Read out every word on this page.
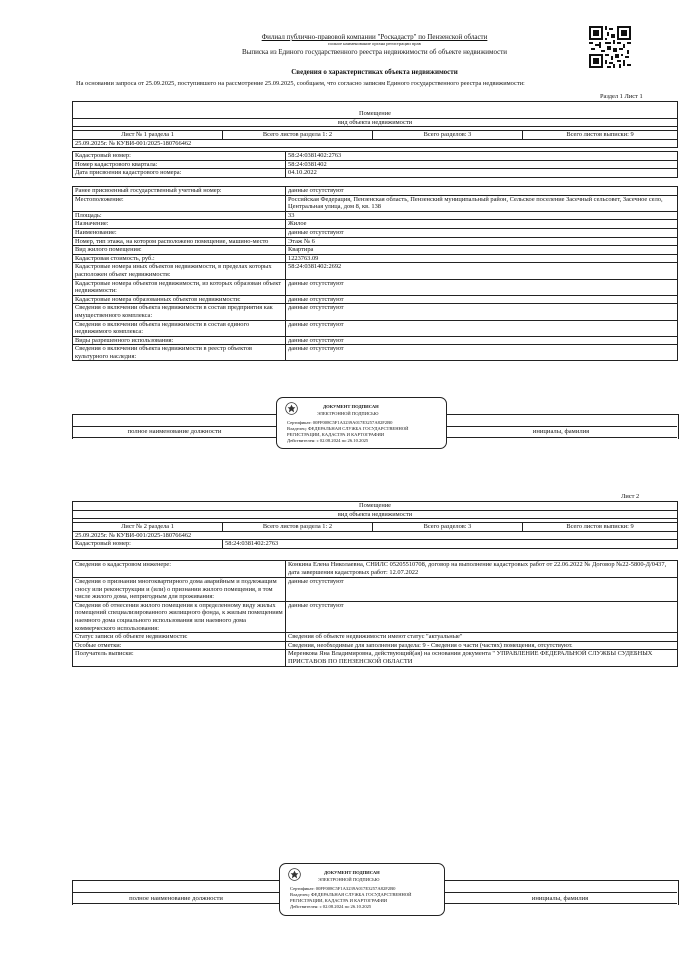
Филиал публично-правовой компании "Роскадастр" по Пензенской области
полное наименование органа регистрации прав
Выписка из Единого государственного реестра недвижимости об объекте недвижимости
Сведения о характеристиках объекта недвижимости
На основании запроса от 25.09.2025, поступившего на рассмотрение 25.09.2025, сообщаем, что согласно записям Единого государственного реестра недвижимости:
Раздел 1 Лист 1

Помещение
вид объекта недвижимости

Лист № 1 раздела 1	Всего листов раздела 1: 2	Всего разделов: 3	Всего листов выписки: 9
25.09.2025г. № КУВИ-001/2025-180766462
Кадастровый номер:	58:24:0381402:2763
Номер кадастрового квартала:	58:24:0381402
Дата присвоения кадастрового номера:	04.10.2022
Ранее присвоенный государственный учетный номер:	данные отсутствуют
Местоположение:	Российская Федерация, Пензенская область, Пензенский муниципальный район, Сельское поселение Засечный сельсовет, Засечное село, Центральная улица, дом 8, кв. 138
Площадь:	33
Назначение:	Жилое
Наименование:	данные отсутствуют
Номер, тип этажа, на котором расположено помещение, машино-место	Этаж № 6
Вид жилого помещения:	Квартира
Кадастровая стоимость, руб.:	1223763.09
Кадастровые номера иных объектов недвижимости, в пределах которых расположен объект недвижимости:	58:24:0381402:2692
Кадастровые номера объектов недвижимости, из которых образован объект недвижимости:	данные отсутствуют
Кадастровые номера образованных объектов недвижимости:	данные отсутствуют
Сведения о включении объекта недвижимости в состав предприятия как имущественного комплекса:	данные отсутствуют
Сведения о включении объекта недвижимости в состав единого недвижимого комплекса:	данные отсутствуют
Виды разрешенного использования:	данные отсутствуют
Сведения о включении объекта недвижимости в реестр объектов культурного наследия:	данные отсутствуют
полное наименование должности	инициалы, фамилия
ДОКУМЕНТ ПОДПИСАН
ЭЛЕКТРОННОЙ ПОДПИСЬЮ
Сертификат: 00FF008C5F1A3239A017E3257A82F2B0
Владелец: ФЕДЕРАЛЬНАЯ СЛУЖБА ГОСУДАРСТВЕННОЙ
РЕГИСТРАЦИИ, КАДАСТРА И КАРТОГРАФИИ
Действителен: с 02.08.2024 по 26.10.2025
Лист 2
Помещение			
вид объекта недвижимости			

Лист № 2 раздела 1	Всего листов раздела 1: 2	Всего разделов: 3	Всего листов выписки: 9
25.09.2025г. № КУВИ-001/2025-180766462			
Кадастровый номер:	58:24:0381402:2763		
Сведения о кадастровом инженере:	Конкина Елена Николаевна, СНИЛС 05205510708, договор на выполнение кадастровых работ от 22.06.2022 № Договор №22-5800-Д/0437, дата завершения кадастровых работ: 12.07.2022
Сведения о признании многоквартирного дома аварийным и подлежащим сносу или реконструкции и (или) о признании жилого помещения, в том числе жилого дома, непригодным для проживания:	данные отсутствуют
Сведения об отнесении жилого помещения к определенному виду жилых помещений специализированного жилищного фонда, к жилым помещениям наемного дома социального использования или наемного дома коммерческого использования:	данные отсутствуют
Статус записи об объекте недвижимости:	Сведения об объекте недвижимости имеют статус "актуальные"
Особые отметки:	Сведения, необходимые для заполнения раздела: 9 - Сведения о части (частях) помещения, отсутствуют.
Получатель выписки:	Меренкова Яна Владимировна, действующий(ая) на основании документа " УПРАВЛЕНИЕ ФЕДЕРАЛЬНОЙ СЛУЖБЫ СУДЕБНЫХ ПРИСТАВОВ ПО ПЕНЗЕНСКОЙ ОБЛАСТИ
полное наименование должности	инициалы, фамилия
ДОКУМЕНТ ПОДПИСАН
ЭЛЕКТРОННОЙ ПОДПИСЬЮ
Сертификат: 00FF008C5F1A3239A017E3257A82F2B0
Владелец: ФЕДЕРАЛЬНАЯ СЛУЖБА ГОСУДАРСТВЕННОЙ
РЕГИСТРАЦИИ, КАДАСТРА И КАРТОГРАФИИ
Действителен: с 02.08.2024 по 26.10.2025
